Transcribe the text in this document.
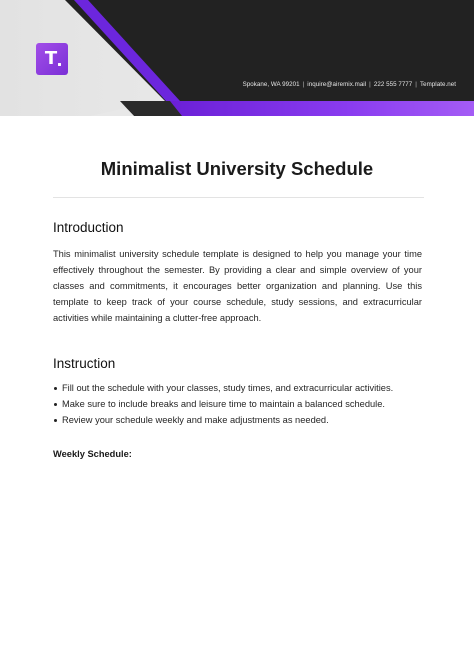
T
Spokane, WA 99201 | inquire@airemix.mail | 222 555 7777 | Template.net
Minimalist University Schedule
Introduction
This minimalist university schedule template is designed to help you manage your time effectively throughout the semester. By providing a clear and simple overview of your classes and commitments, it encourages better organization and planning. Use this template to keep track of your course schedule, study sessions, and extracurricular activities while maintaining a clutter-free approach.
Instruction
Fill out the schedule with your classes, study times, and extracurricular activities.
Make sure to include breaks and leisure time to maintain a balanced schedule.
Review your schedule weekly and make adjustments as needed.
Weekly Schedule:
